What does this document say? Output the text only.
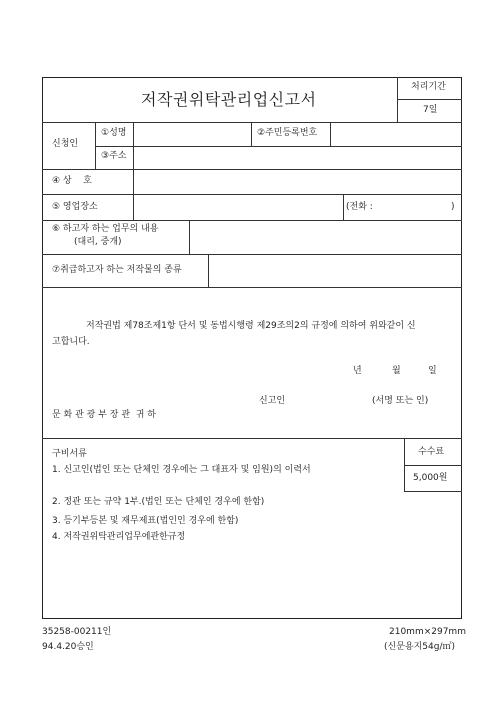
저작권위탁관리업신고서
처리기간
7일
신청인
①성명	②주민등록번호
③주소
④ 상    호
⑤ 영업장소	(전화 :	)
⑥ 하고자 하는 업무의 내용
(대리, 중개)
⑦취급하고자 하는 저작물의 종류
저작권법 제78조제1항 단서 및 동법시행령 제29조의2의 규정에 의하여 위와같이 신
고합니다.
년	월	일
신고인	(서명 또는 인)
문 화 관 광 부 장 관  귀 하
구비서류
1. 신고인(법인 또는 단체인 경우에는 그 대표자 및 임원)의 이력서
2. 정관 또는 규약 1부.(법인 또는 단체인 경우에 한함)
3. 등기부등본 및 재무제표(법인인 경우에 한함)
4. 저작권위탁관리업무에관한규정
수수료
5,000원
35258-00211인
94.4.20승인
210mm×297mm
(신문용지54g/㎡)
